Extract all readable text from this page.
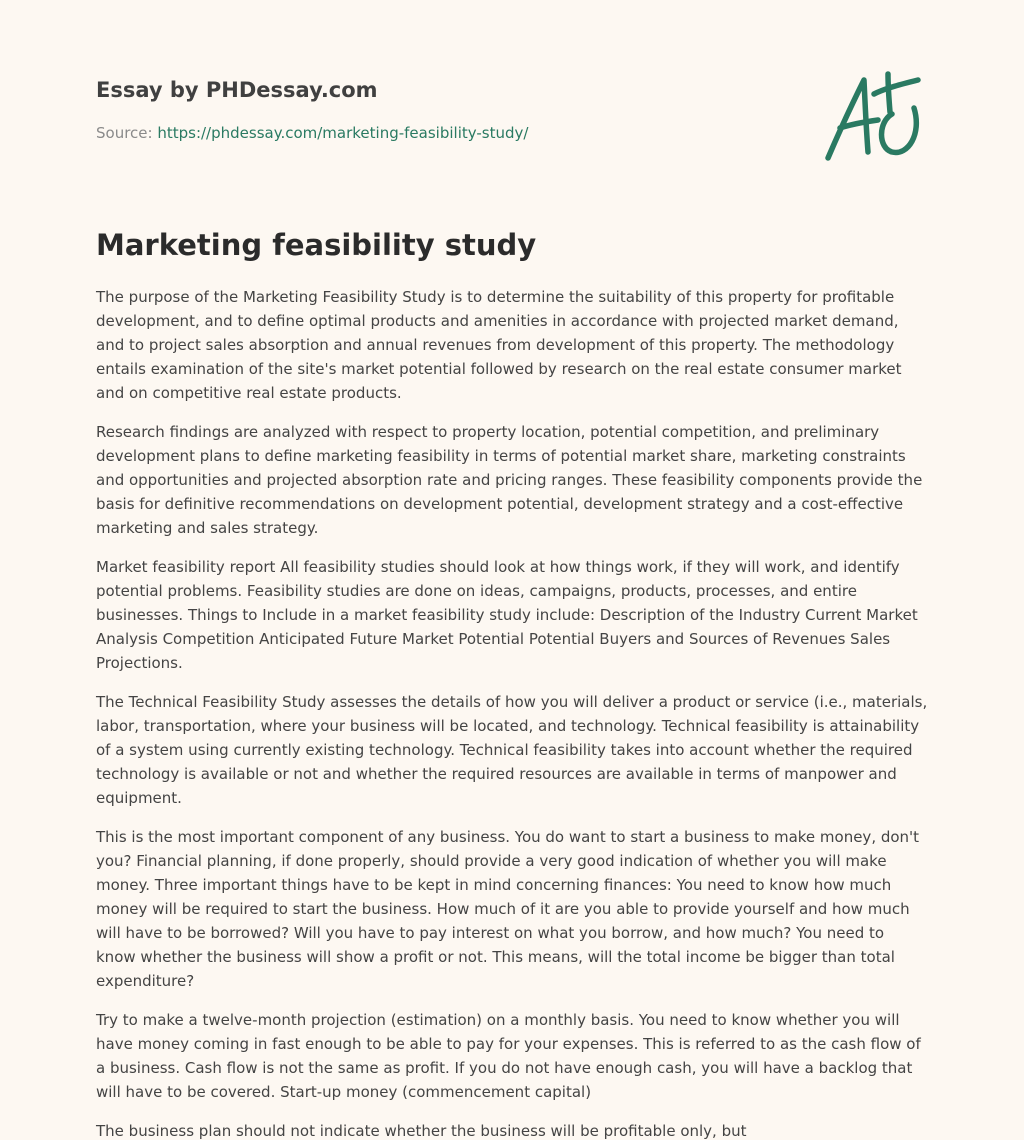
Essay by PHDessay.com
Source: https://phdessay.com/marketing-feasibility-study/
Marketing feasibility study

The purpose of the Marketing Feasibility Study is to determine the suitability of this property for profitable development, and to define optimal products and amenities in accordance with projected market demand, and to project sales absorption and annual revenues from development of this property. The methodology entails examination of the site's market potential followed by research on the real estate consumer market and on competitive real estate products.

Research findings are analyzed with respect to property location, potential competition, and preliminary development plans to define marketing feasibility in terms of potential market share, marketing constraints and opportunities and projected absorption rate and pricing ranges. These feasibility components provide the basis for definitive recommendations on development potential, development strategy and a cost-effective marketing and sales strategy.

Market feasibility report All feasibility studies should look at how things work, if they will work, and identify potential problems. Feasibility studies are done on ideas, campaigns, products, processes, and entire businesses. Things to Include in a market feasibility study include: Description of the Industry Current Market Analysis Competition Anticipated Future Market Potential Potential Buyers and Sources of Revenues Sales Projections.

The Technical Feasibility Study assesses the details of how you will deliver a product or service (i.e., materials, labor, transportation, where your business will be located, and technology. Technical feasibility is attainability of a system using currently existing technology. Technical feasibility takes into account whether the required technology is available or not and whether the required resources are available in terms of manpower and equipment.

This is the most important component of any business. You do want to start a business to make money, don't you? Financial planning, if done properly, should provide a very good indication of whether you will make money. Three important things have to be kept in mind concerning finances: You need to know how much money will be required to start the business. How much of it are you able to provide yourself and how much will have to be borrowed? Will you have to pay interest on what you borrow, and how much? You need to know whether the business will show a profit or not. This means, will the total income be bigger than total expenditure?

Try to make a twelve-month projection (estimation) on a monthly basis. You need to know whether you will have money coming in fast enough to be able to pay for your expenses. This is referred to as the cash flow of a business. Cash flow is not the same as profit. If you do not have enough cash, you will have a backlog that will have to be covered. Start-up money (commencement capital)

The business plan should not indicate whether the business will be profitable only, but
